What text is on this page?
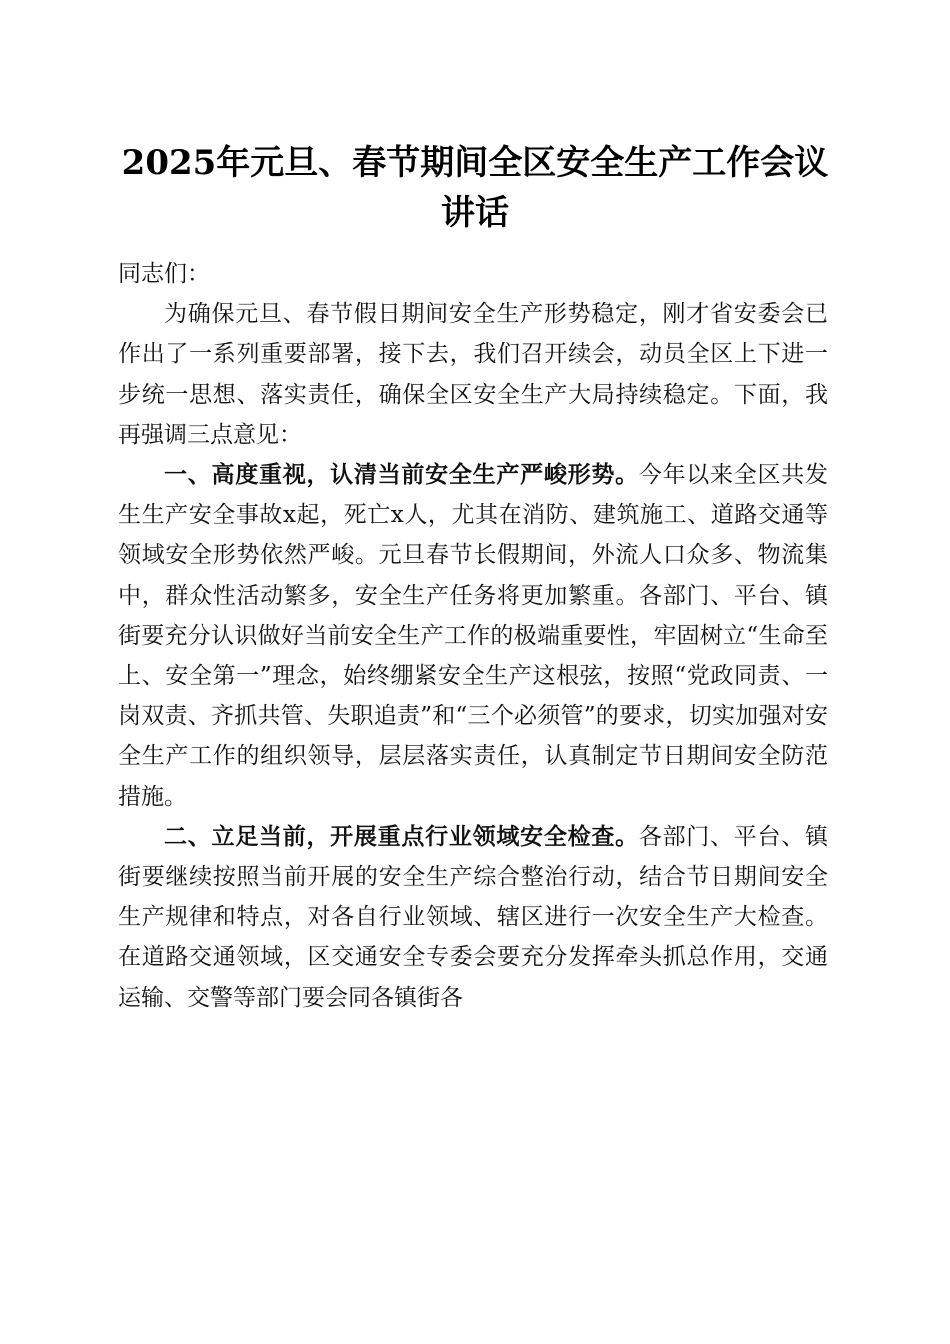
2025年元旦、春节期间全区安全生产工作会议讲话

同志们：

为确保元旦、春节假日期间安全生产形势稳定，刚才省安委会已作出了一系列重要部署，接下去，我们召开续会，动员全区上下进一步统一思想、落实责任，确保全区安全生产大局持续稳定。下面，我再强调三点意见：

一、高度重视，认清当前安全生产严峻形势。今年以来全区共发生生产安全事故x起，死亡x人，尤其在消防、建筑施工、道路交通等领域安全形势依然严峻。元旦春节长假期间，外流人口众多、物流集中，群众性活动繁多，安全生产任务将更加繁重。各部门、平台、镇街要充分认识做好当前安全生产工作的极端重要性，牢固树立“生命至上、安全第一”理念，始终绷紧安全生产这根弦，按照“党政同责、一岗双责、齐抓共管、失职追责”和“三个必须管”的要求，切实加强对安全生产工作的组织领导，层层落实责任，认真制定节日期间安全防范措施。

二、立足当前，开展重点行业领域安全检查。各部门、平台、镇街要继续按照当前开展的安全生产综合整治行动，结合节日期间安全生产规律和特点，对各自行业领域、辖区进行一次安全生产大检查。在道路交通领域，区交通安全专委会要充分发挥牵头抓总作用，交通运输、交警等部门要会同各镇街各
